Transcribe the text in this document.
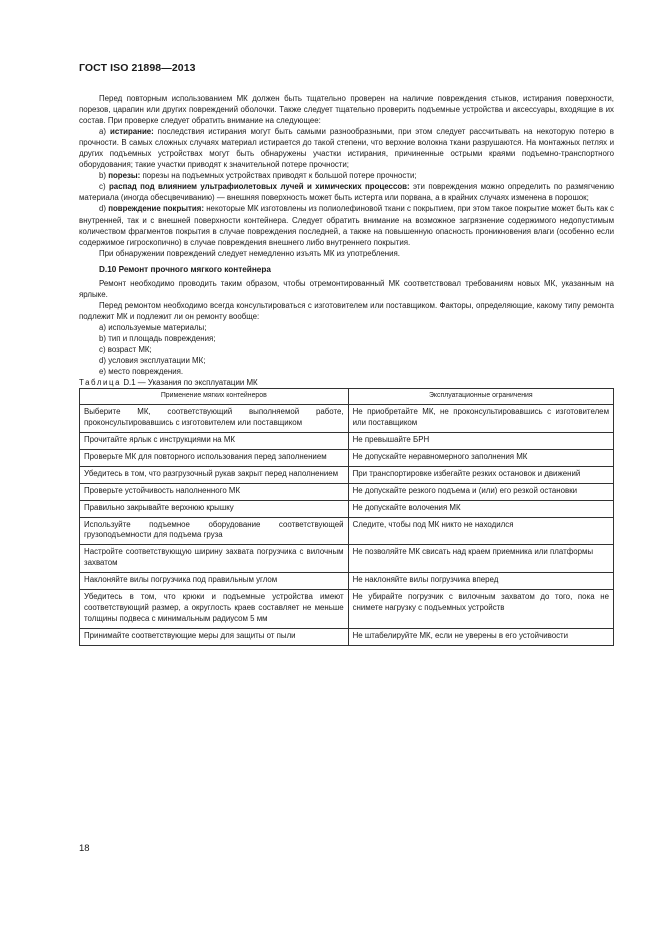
ГОСТ ISO 21898—2013

Перед повторным использованием МК должен быть тщательно проверен на наличие повреждения стыков, истирания поверхности, порезов, царапин или других повреждений оболочки. Также следует тщательно проверить подъемные устройства и аксессуары, входящие в их состав. При проверке следует обратить внимание на следующее:

а) истирание: последствия истирания могут быть самыми разнообразными, при этом следует рассчитывать на некоторую потерю в прочности. В самых сложных случаях материал истирается до такой степени, что верхние волокна ткани разрушаются. На монтажных петлях и других подъемных устройствах могут быть обнаружены участки истирания, причиненные острыми краями подъемно-транспортного оборудования; такие участки приводят к значительной потере прочности;

b) порезы: порезы на подъемных устройствах приводят к большой потере прочности;

с) распад под влиянием ультрафиолетовых лучей и химических процессов: эти повреждения можно определить по размягчению материала (иногда обесцвечиванию) — внешняя поверхность может быть истерта или порвана, а в крайних случаях изменена в порошок;

d) повреждение покрытия: некоторые МК изготовлены из полиолефиновой ткани с покрытием, при этом такое покрытие может быть как с внутренней, так и с внешней поверхности контейнера. Следует обратить внимание на возможное загрязнение содержимого недопустимым количеством фрагментов покрытия в случае повреждения последней, а также на повышенную опасность проникновения влаги (особенно если содержимое гигроскопично) в случае повреждения внешнего либо внутреннего покрытия.

При обнаружении повреждений следует немедленно изъять МК из употребления.

D.10 Ремонт прочного мягкого контейнера

Ремонт необходимо проводить таким образом, чтобы отремонтированный МК соответствовал требованиям новых МК, указанным на ярлыке.

Перед ремонтом необходимо всегда консультироваться с изготовителем или поставщиком. Факторы, определяющие, какому типу ремонта подлежит МК и подлежит ли он ремонту вообще:

а) используемые материалы;

b) тип и площадь повреждения;

с) возраст МК;

d) условия эксплуатации МК;

е) место повреждения.

Таблица D.1 — Указания по эксплуатации МК

Применение мягких контейнеров	Эксплуатационные ограничения
Выберите МК, соответствующий выполняемой работе, проконсультировавшись с изготовителем или поставщиком	Не приобретайте МК, не проконсультировавшись с изготовителем или поставщиком
Прочитайте ярлык с инструкциями на МК	Не превышайте БРН
Проверьте МК для повторного использования перед заполнением	Не допускайте неравномерного заполнения МК
Убедитесь в том, что разгрузочный рукав закрыт перед наполнением	При транспортировке избегайте резких остановок и движений
Проверьте устойчивость наполненного МК	Не допускайте резкого подъема и (или) его резкой остановки
Правильно закрывайте верхнюю крышку	Не допускайте волочения МК
Используйте подъемное оборудование соответствующей грузоподъемности для подъема груза	Следите, чтобы под МК никто не находился
Настройте соответствующую ширину захвата погрузчика с вилочным захватом	Не позволяйте МК свисать над краем приемника или платформы
Наклоняйте вилы погрузчика под правильным углом	Не наклоняйте вилы погрузчика вперед
Убедитесь в том, что крюки и подъемные устройства имеют соответствующий размер, а округлость краев составляет не меньше толщины подвеса с минимальным радиусом 5 мм	Не убирайте погрузчик с вилочным захватом до того, пока не снимете нагрузку с подъемных устройств
Принимайте соответствующие меры для защиты от пыли	Не штабелируйте МК, если не уверены в его устойчивости
18
